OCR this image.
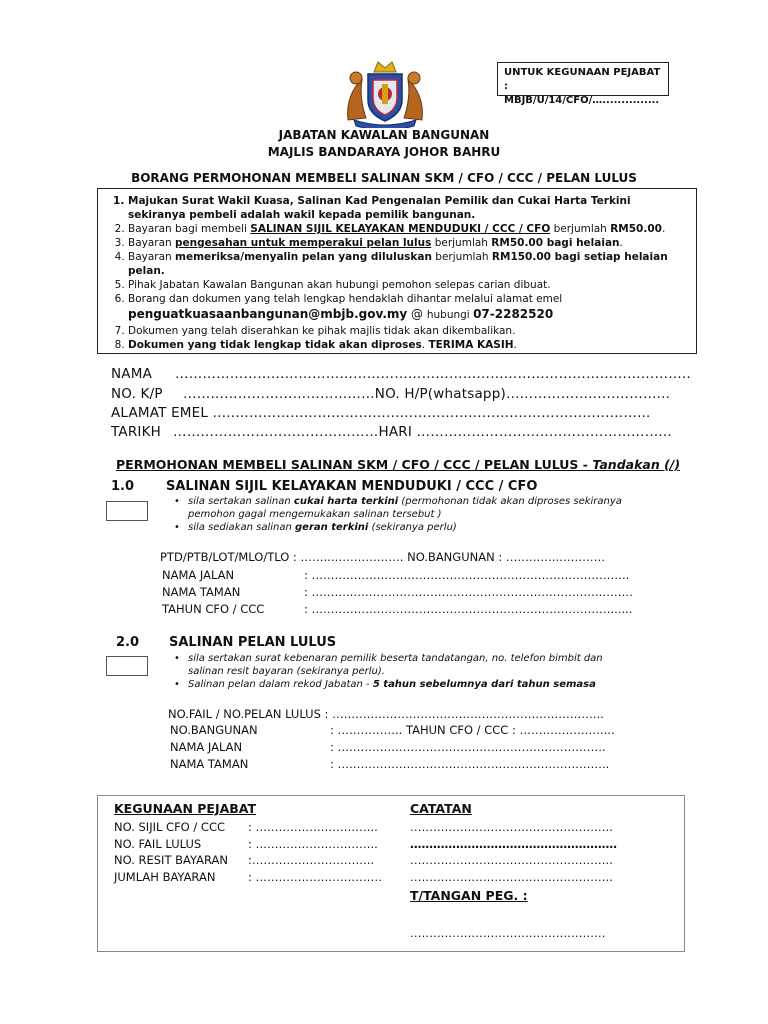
UNTUK KEGUNAAN PEJABAT :
MBJB/U/14/CFO/…...............
JABATAN KAWALAN BANGUNAN
MAJLIS BANDARAYA JOHOR BAHRU
BORANG PERMOHONAN MEMBELI SALINAN SKM / CFO / CCC / PELAN LULUS
1. Majukan Surat Wakil Kuasa, Salinan Kad Pengenalan Pemilik dan Cukai Harta Terkini sekiranya pembeli adalah wakil kepada pemilik bangunan.
2. Bayaran bagi membeli SALINAN SIJIL KELAYAKAN MENDUDUKI / CCC / CFO berjumlah RM50.00.
3. Bayaran pengesahan untuk memperakui pelan lulus berjumlah RM50.00 bagi helaian.
4. Bayaran memeriksa/menyalin pelan yang diluluskan berjumlah RM150.00 bagi setiap helaian pelan.
5. Pihak Jabatan Kawalan Bangunan akan hubungi pemohon selepas carian dibuat.
6. Borang dan dokumen yang telah lengkap hendaklah dihantar melalui alamat emel
penguatkuasaanbangunan@mbjb.gov.my @ hubungi 07-2282520
7. Dokumen yang telah diserahkan ke pihak majlis tidak akan dikembalikan.
8. Dokumen yang tidak lengkap tidak akan diproses. TERIMA KASIH.
NAMA …………………………………………………………………………………………………..
NO. K/P ……………………………………NO. H/P(whatsapp)……………………………...
ALAMAT EMEL ..……………………………………………………….………………………...
TARIKH ………………………………………HARI ………………………..……………………...
PERMOHONAN MEMBELI SALINAN SKM / CFO / CCC / PELAN LULUS - Tandakan (/)
1.0 SALINAN SIJIL KELAYAKAN MENDUDUKI / CCC / CFO
• sila sertakan salinan cukai harta terkini (permohonan tidak akan diproses sekiranya
pemohon gagal mengemukakan salinan tersebut )
• sila sediakan salinan geran terkini (sekiranya perlu)
PTD/PTB/LOT/MLO/TLO : ……..………………. NO.BANGUNAN : …………..…………
NAMA JALAN	: ………………………………………………………………………..
NAMA TAMAN	: ………..……………………………………………………….………
TAHUN CFO / CCC	: ……………………………………………………………………......
2.0 SALINAN PELAN LULUS
• sila sertakan surat kebenaran pemilik beserta tandatangan, no. telefon bimbit dan
salinan resit bayaran (sekiranya perlu).
• Salinan pelan dalam rekod Jabatan - 5 tahun sebelumnya dari tahun semasa
NO.FAIL / NO.PELAN LULUS : ……………………………………………………………..
NO.BANGUNAN	: …………….. TAHUN CFO / CCC : …………………....
NAMA JALAN	: …………………………………………………………….
NAMA TAMAN	: ……………………………………………………………..
KEGUNAAN PEJABAT	CATATAN
NO. SIJIL CFO / CCC : …………………………..
NO. FAIL LULUS	: …………………………..
NO. RESIT BAYARAN :…………………………..
JUMLAH BAYARAN	: ……………………………
……………………………………………..
………………………………………………
……………………………………………..
……………………………………………..
T/TANGAN PEG. :
……………………………………………
